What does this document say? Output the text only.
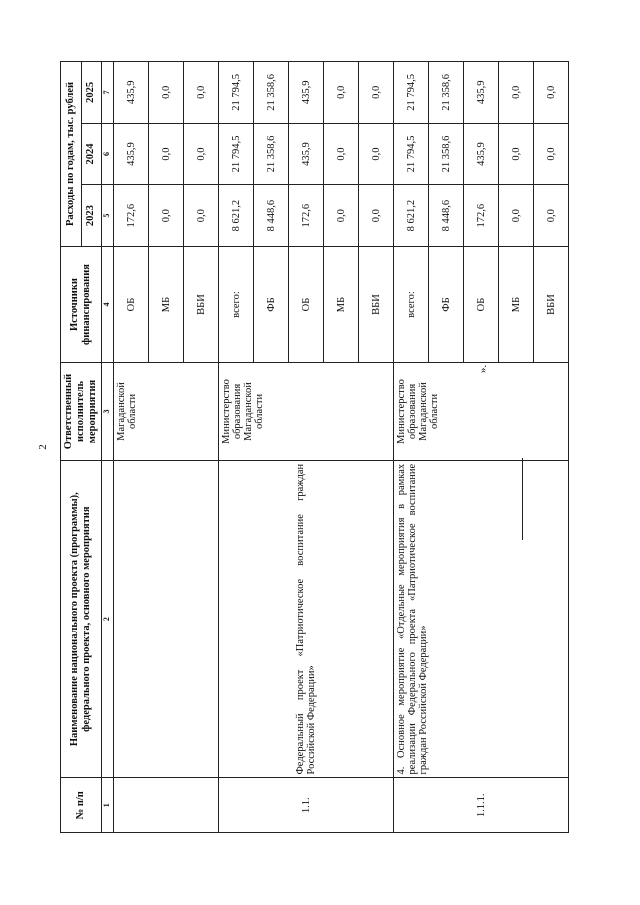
2
».
№ п/п	Наименование национального проекта (программы), федерального проекта, основного мероприятия	Ответственный исполнитель мероприятия	Источники финансирования	Расходы по годам, тыс. рублей		
				2023	2024	2025
1	2	3	4	5	6	7
		Магаданской области	ОБ	172,6	435,9	435,9
			МБ	0,0	0,0	0,0
			ВБИ	0,0	0,0	0,0
1.1.	Федеральный проект «Патриотическое воспитание граждан Российской Федерации»	Министерство образования Магаданской области	всего:	8 621,2	21 794,5	21 794,5
			ФБ	8 448,6	21 358,6	21 358,6
			ОБ	172,6	435,9	435,9
			МБ	0,0	0,0	0,0
			ВБИ	0,0	0,0	0,0
1.1.1.	4. Основное мероприятие «Отдельные мероприятия в рамках реализации Федерального проекта «Патриотическое воспитание граждан Российской Федерации»	Министерство образования Магаданской области	всего:	8 621,2	21 794,5	21 794,5
			ФБ	8 448,6	21 358,6	21 358,6
			ОБ	172,6	435,9	435,9
			МБ	0,0	0,0	0,0
			ВБИ	0,0	0,0	0,0
